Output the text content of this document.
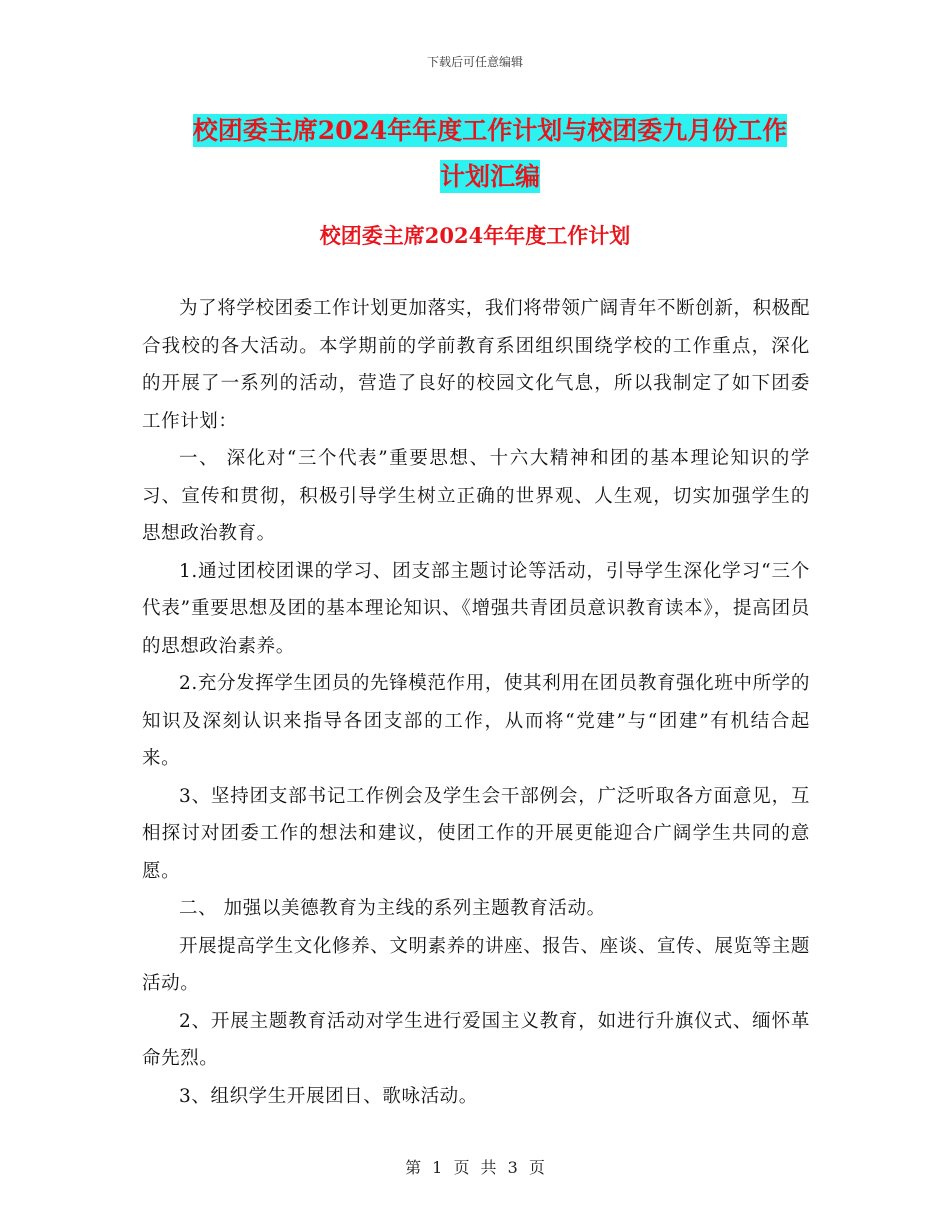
下载后可任意编辑
校团委主席2024年年度工作计划与校团委九月份工作
计划汇编
校团委主席2024年年度工作计划

为了将学校团委工作计划更加落实，我们将带领广阔青年不断创新，积极配合我校的各大活动。本学期前的学前教育系团组织围绕学校的工作重点，深化的开展了一系列的活动，营造了良好的校园文化气息，所以我制定了如下团委工作计划：

一、 深化对“三个代表”重要思想、十六大精神和团的基本理论知识的学习、宣传和贯彻，积极引导学生树立正确的世界观、人生观，切实加强学生的思想政治教育。

1.通过团校团课的学习、团支部主题讨论等活动，引导学生深化学习“三个代表”重要思想及团的基本理论知识、《增强共青团员意识教育读本》，提高团员的思想政治素养。

2.充分发挥学生团员的先锋模范作用，使其利用在团员教育强化班中所学的知识及深刻认识来指导各团支部的工作，从而将“党建”与“团建”有机结合起来。

3、坚持团支部书记工作例会及学生会干部例会，广泛听取各方面意见，互相探讨对团委工作的想法和建议，使团工作的开展更能迎合广阔学生共同的意愿。

二、 加强以美德教育为主线的系列主题教育活动。

开展提高学生文化修养、文明素养的讲座、报告、座谈、宣传、展览等主题活动。

2、开展主题教育活动对学生进行爱国主义教育，如进行升旗仪式、缅怀革命先烈。

3、组织学生开展团日、歌咏活动。

第 1 页 共 3 页
